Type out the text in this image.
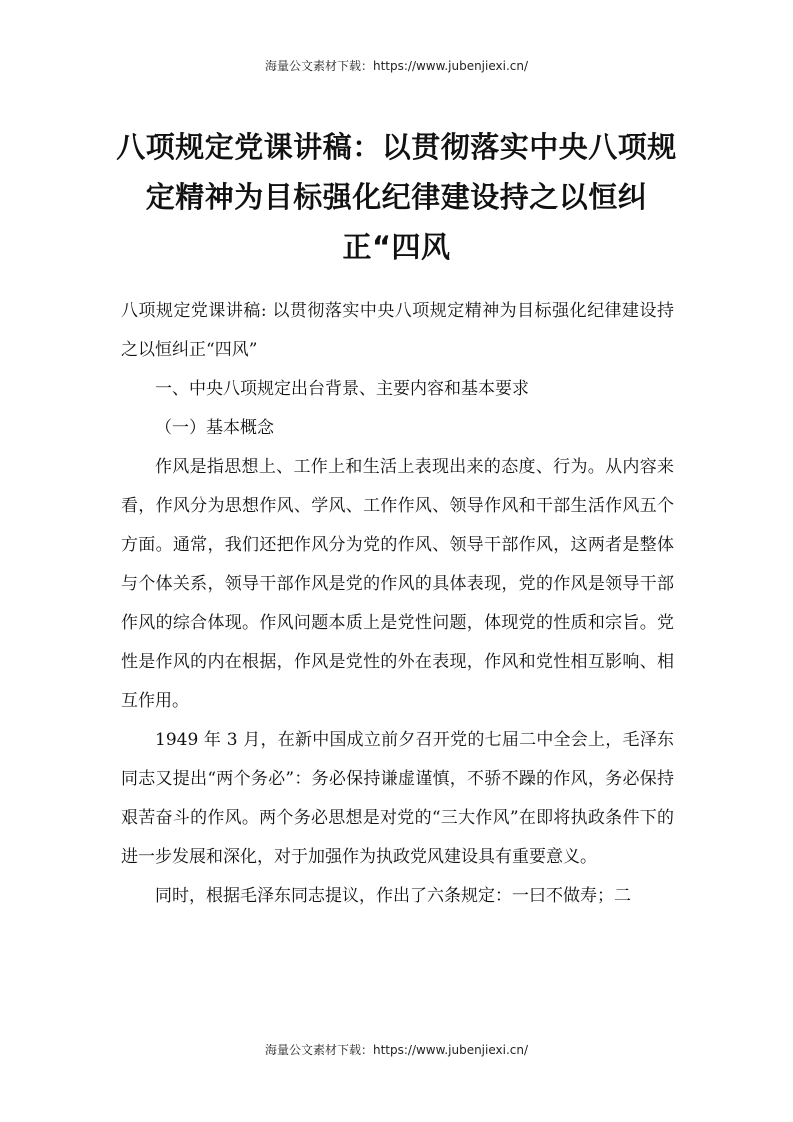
海量公文素材下载：https://www.jubenjiexi.cn/
八项规定党课讲稿：以贯彻落实中央八项规定精神为目标强化纪律建设持之以恒纠正“四风

八项规定党课讲稿: 以贯彻落实中央八项规定精神为目标强化纪律建设持之以恒纠正“四风”

一、中央八项规定出台背景、主要内容和基本要求

（一）基本概念

作风是指思想上、工作上和生活上表现出来的态度、行为。从内容来看，作风分为思想作风、学风、工作作风、领导作风和干部生活作风五个方面。通常，我们还把作风分为党的作风、领导干部作风，这两者是整体与个体关系，领导干部作风是党的作风的具体表现，党的作风是领导干部作风的综合体现。作风问题本质上是党性问题，体现党的性质和宗旨。党性是作风的内在根据，作风是党性的外在表现，作风和党性相互影响、相互作用。

1949 年 3 月，在新中国成立前夕召开党的七届二中全会上，毛泽东同志又提出“两个务必”：务必保持谦虚谨慎，不骄不躁的作风，务必保持艰苦奋斗的作风。两个务必思想是对党的“三大作风”在即将执政条件下的进一步发展和深化，对于加强作为执政党风建设具有重要意义。

同时，根据毛泽东同志提议，作出了六条规定：一曰不做寿；二

海量公文素材下载：https://www.jubenjiexi.cn/
